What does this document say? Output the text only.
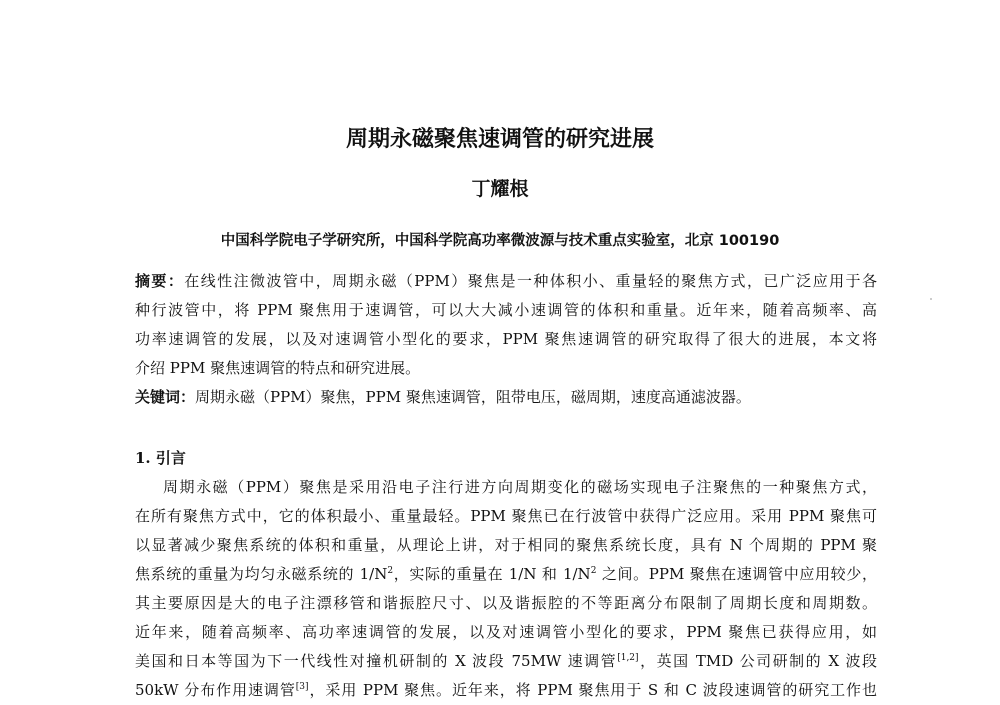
周期永磁聚焦速调管的研究进展
丁耀根
中国科学院电子学研究所，中国科学院高功率微波源与技术重点实验室，北京 100190
摘要：在线性注微波管中，周期永磁（PPM）聚焦是一种体积小、重量轻的聚焦方式，已广泛应用于各
种行波管中，将 PPM 聚焦用于速调管，可以大大减小速调管的体积和重量。近年来，随着高频率、高
功率速调管的发展，以及对速调管小型化的要求，PPM 聚焦速调管的研究取得了很大的进展，本文将
介绍 PPM 聚焦速调管的特点和研究进展。
关键词：周期永磁（PPM）聚焦，PPM 聚焦速调管，阻带电压，磁周期，速度高通滤波器。
1. 引言
周期永磁（PPM）聚焦是采用沿电子注行进方向周期变化的磁场实现电子注聚焦的一种聚焦方式，
在所有聚焦方式中，它的体积最小、重量最轻。PPM 聚焦已在行波管中获得广泛应用。采用 PPM 聚焦可
以显著减少聚焦系统的体积和重量，从理论上讲，对于相同的聚焦系统长度，具有 N 个周期的 PPM 聚
焦系统的重量为均匀永磁系统的 $1/N^2$，实际的重量在 1/N 和 $1/N^2$ 之间。PPM 聚焦在速调管中应用较少，
其主要原因是大的电子注漂移管和谐振腔尺寸、以及谐振腔的不等距离分布限制了周期长度和周期数。
近年来，随着高频率、高功率速调管的发展，以及对速调管小型化的要求，PPM 聚焦已获得应用，如
美国和日本等国为下一代线性对撞机研制的 X 波段 75MW 速调管[1,2]，英国 TMD 公司研制的 X 波段
50kW 分布作用速调管[3]，采用 PPM 聚焦。近年来，将 PPM 聚焦用于 S 和 C 波段速调管的研究工作也
